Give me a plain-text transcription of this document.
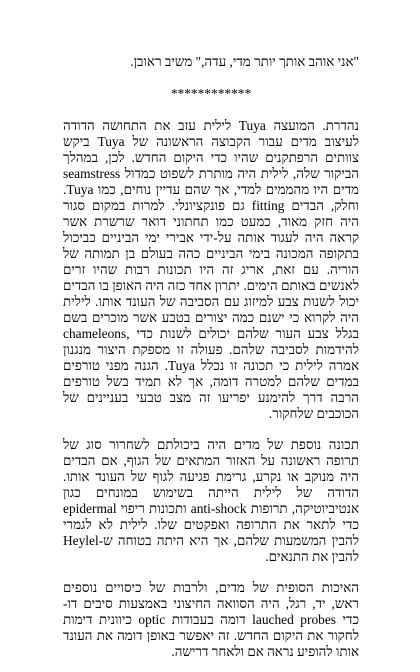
"אני אוהב אותך יותר מדי, עדה," משיב ראובן.
************
נהדרת. המועצה Tuya לילית עזב את התחושה הדודה
לעיצוב מדים עבור הקבוצה הראשונה של Tuya ביקש
צוותים הרפתקנים שהיו כדי היקום החדש. לכן, במהלך
seamstress הביקור שלה, לילית היה מותרת לשפוט כמדול
מדים היו מהממים למדי, אך שהם עדיין נוחים, כמו Tuya.
וחלק, הבדים fitting גם פונקציונלי. למרות במקום סגור
היה חזק מאוד, כמעט כמו תחתוני דואר שרשרת אשר
קראה היה לעגוד אותה על-ידי אבירי ימי הביניים כביכול
בתקופה המכונה בימי הביניים כהה בעולם בן תמותה של
הוריה. עם זאת, אריג זה היו תכונות רבות שהיו זרים
לאנשים באותם הימים. יתרון אחד כזה היה האופן בו הבדים
יכול לשנות צבע למיזוג עם הסביבה של העונד אותו. לילית
היה לקרוא כי ישנם כמה יצורים בטבע אשר מוכרים בשם
chameleons, בגלל צבע העור שלהם יכולים לשנות כדי
להידמות לסביבה שלהם. פעולה זו מספקת היצור מנגנון
אמרה לילית כי תכונה זו נכלל Tuya. הגנה מפני טורפים
במדים שלהם למטרה דומה, אך לא תמיד בשל טורפים
הרבה דרך להימנע יפריעו זה מצב טבעי בעניינים של
הכוכבים שלחקור.
תכונה נוספת של מדים היה ביכולתם לשחרור סוג של
תרופה ראשונה על האזור המתאים של הגוף, אם הבדים
היה מנוקב או נקרע, גרימת פגיעה לגוף של העונד אותו.
הדודה של לילית הייתה בשימוש במונחים כגון
epidermal ותכונות ריפוי anti-shock אנטיביוטיקה, תרופות
כדי לתאר את התרופה ואפקטים שלו. לילית לא לגמרי
Heylel-להבין המשמעות שלהם, אך היא היתה בטוחה ש
להבין את התנאים.
האיכות הסופית של מדים, ולרבות של כיסויים נוספים
ראש, יד, רגל, היה הסוואה החיצוני באמצעות סיבים דו-
כדי lauched probes דומה בעבודות optic כיוונית דימות
לחקור את היקום החדש. זה יאפשר באופן דומה את העונד
אותו להופיע נראה אם ולאחר דרישה.
